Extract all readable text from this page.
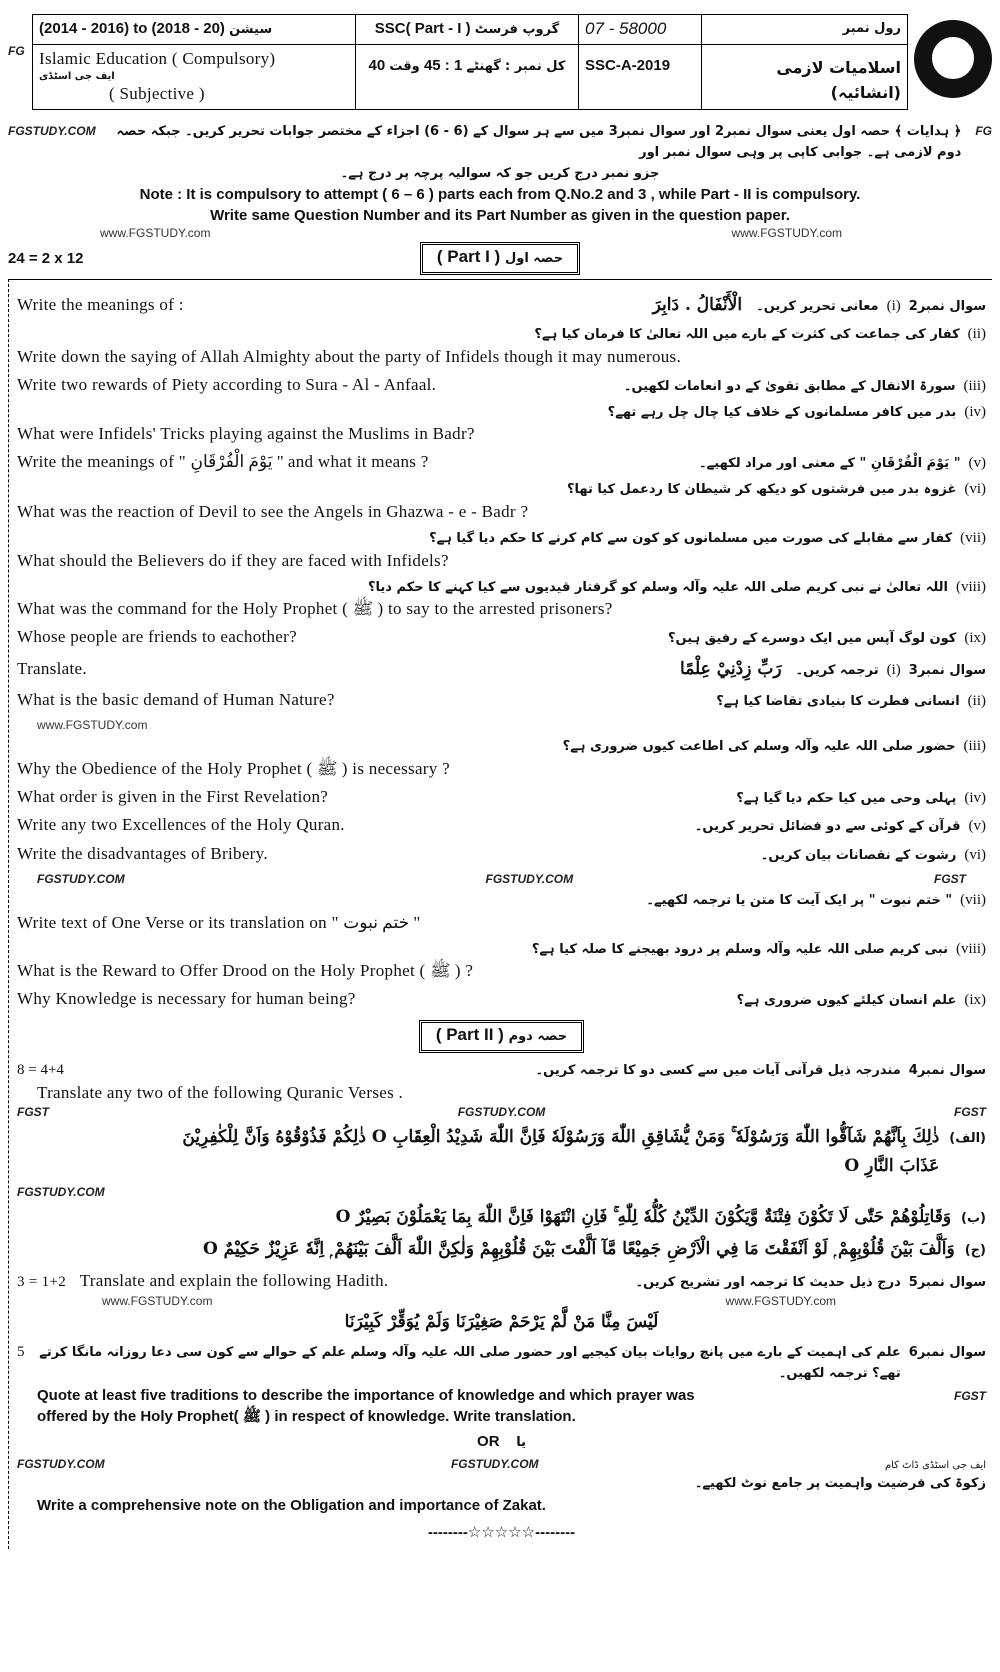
FG
(2014 - 2016) to (2018 - 20) سیشن	SSC( Part - I ) گروپ فرسٹ	07 - 58000	رول نمبر

Islamic Education ( Compulsory)
ایف جی اسٹڈی
( Subjective )	40 کل نمبر : گھنٹے 1 : 45 وقت	SSC-A-2019	اسلامیات لازمی (انشائیہ)
FGSTUDY.COM	﴿ ہدایات ﴾ حصہ اول یعنی سوال نمبر2 اور سوال نمبر3 میں سے ہر سوال کے (6 - 6) اجزاء کے مختصر جوابات تحریر کریں۔ جبکہ حصہ دوم لازمی ہے۔ جوابی کاپی پر وہی سوال نمبر اور
FG
جزو نمبر درج کریں جو کہ سوالیہ پرچہ پر درج ہے۔
Note : It is compulsory to attempt ( 6 – 6 ) parts each from Q.No.2 and 3 , while Part - II is compulsory.
Write same Question Number and its Part Number as given in the question paper.
www.FGSTUDY.com	www.FGSTUDY.com
24 = 2 x 12	( Part I ) حصہ اول
Write the meanings of :	الْأَنْفَالُ . دَابِرَ	سوال نمبر2
(i)
معانی تحریر کریں۔
(ii)
کفار کی جماعت کی کثرت کے بارے میں اللہ تعالیٰ کا فرمان کیا ہے؟
Write down the saying of Allah Almighty about the party of Infidels though it may numerous.
Write two rewards of Piety according to Sura - Al - Anfaal.	(iii)
سورۃ الانفال کے مطابق تقویٰ کے دو انعامات لکھیں۔
(iv)
بدر میں کافر مسلمانوں کے خلاف کیا چال چل رہے تھے؟
What were Infidels' Tricks playing against the Muslims in Badr?
Write the meanings of " يَوْمَ الْفُرْقَانِ " and what it means ?	(v)
" یَوْمَ الْفُرْقَانِ " کے معنی اور مراد لکھیے۔
(vi)
غزوہ بدر میں فرشتوں کو دیکھ کر شیطان کا ردعمل کیا تھا؟
What was the reaction of Devil to see the Angels in Ghazwa - e - Badr ?
(vii)
کفار سے مقابلے کی صورت میں مسلمانوں کو کون سے کام کرنے کا حکم دیا گیا ہے؟
What should the Believers do if they are faced with Infidels?
(viii)
اللہ تعالیٰ نے نبی کریم صلی اللہ علیہ وآلہ وسلم کو گرفتار قیدیوں سے کیا کہنے کا حکم دیا؟
What was the command for the Holy Prophet ( ﷺ ) to say to the arrested prisoners?
Whose people are friends to eachother?	(ix)
کون لوگ آپس میں ایک دوسرے کے رفیق ہیں؟
Translate.	رَبِّ زِدْنِيْ عِلْمًا	سوال نمبر3
(i)
ترجمہ کریں۔
What is the basic demand of Human Nature?	(ii)
انسانی فطرت کا بنیادی تقاضا کیا ہے؟
www.FGSTUDY.com
(iii)
حضور صلی اللہ علیہ وآلہ وسلم کی اطاعت کیوں ضروری ہے؟
Why the Obedience of the Holy Prophet ( ﷺ ) is necessary ?
What order is given in the First Revelation?	(iv)
پہلی وحی میں کیا حکم دیا گیا ہے؟
Write any two Excellences of the Holy Quran.	(v)
قرآن کے کوئی سے دو فضائل تحریر کریں۔
Write the disadvantages of Bribery.	(vi)
رشوت کے نقصانات بیان کریں۔
FGSTUDY.COM	FGSTUDY.COM	FGST
(vii)
" ختم نبوت " پر ایک آیت کا متن یا ترجمہ لکھیے۔
Write text of One Verse or its translation on " ختم نبوت "
(viii)
نبی کریم صلی اللہ علیہ وآلہ وسلم پر درود بھیجنے کا صلہ کیا ہے؟
What is the Reward to Offer Drood on the Holy Prophet ( ﷺ ) ?
Why Knowledge is necessary for human being?	(ix)
علم انسان کیلئے کیوں ضروری ہے؟
( Part II ) حصہ دوم
8 = 4+4	سوال نمبر4
مندرجہ ذیل قرآنی آیات میں سے کسی دو کا ترجمہ کریں۔
Translate any two of the following Quranic Verses .
FGST	FGSTUDY.COM	FGST
(الف)
ذٰلِكَ بِاَنَّهُمْ شَآقُّوا اللّٰهَ وَرَسُوْلَهٗ ۚ وَمَنْ يُّشَاقِقِ اللّٰهَ وَرَسُوْلَهٗ فَاِنَّ اللّٰهَ شَدِيْدُ الْعِقَابِ O ذٰلِكُمْ فَذُوْقُوْهُ وَاَنَّ لِلْكٰفِرِيْنَ
عَذَابَ النَّارِ O
FGSTUDY.COM
(ب)
وَقَاتِلُوْهُمْ حَتّٰى لَا تَكُوْنَ فِتْنَةٌ وَّيَكُوْنَ الدِّيْنُ كُلُّهٗ لِلّٰهِ ۚ فَاِنِ انْتَهَوْا فَاِنَّ اللّٰهَ بِمَا يَعْمَلُوْنَ بَصِيْرٌ O
(ج)
وَاَلَّفَ بَيْنَ قُلُوْبِهِمْ ۭ لَوْ اَنْفَقْتَ مَا فِي الْاَرْضِ جَمِيْعًا مَّآ اَلَّفْتَ بَيْنَ قُلُوْبِهِمْ وَلٰكِنَّ اللّٰهَ اَلَّفَ بَيْنَهُمْ ۭ اِنَّهٗ عَزِيْزٌ حَكِيْمٌ O
3 = 1+2 Translate and explain the following Hadith.	سوال نمبر5
درج ذیل حدیث کا ترجمہ اور تشریح کریں۔
www.FGSTUDY.com	www.FGSTUDY.com
لَيْسَ مِنَّا مَنْ لَّمْ يَرْحَمْ صَغِيْرَنَا وَلَمْ يُوَقِّرْ كَبِيْرَنَا
5	سوال نمبر6
علم کی اہمیت کے بارے میں پانچ روایات بیان کیجیے اور حضور صلی اللہ علیہ وآلہ وسلم علم کے حوالے سے کون سی دعا روزانہ مانگا کرتے تھے؟ ترجمہ لکھیں۔
Quote at least five traditions to describe the importance of knowledge and which prayer was	FGST
offered by the Holy Prophet( ﷺ ) in respect of knowledge. Write translation.
OR یا
FGSTUDY.COM	FGSTUDY.COM	ایف جی اسٹڈی ڈاٹ کام
زکوۃ کی فرضیت واہمیت پر جامع نوٹ لکھیے۔
Write a comprehensive note on the Obligation and importance of Zakat.
--------☆☆☆☆☆--------
